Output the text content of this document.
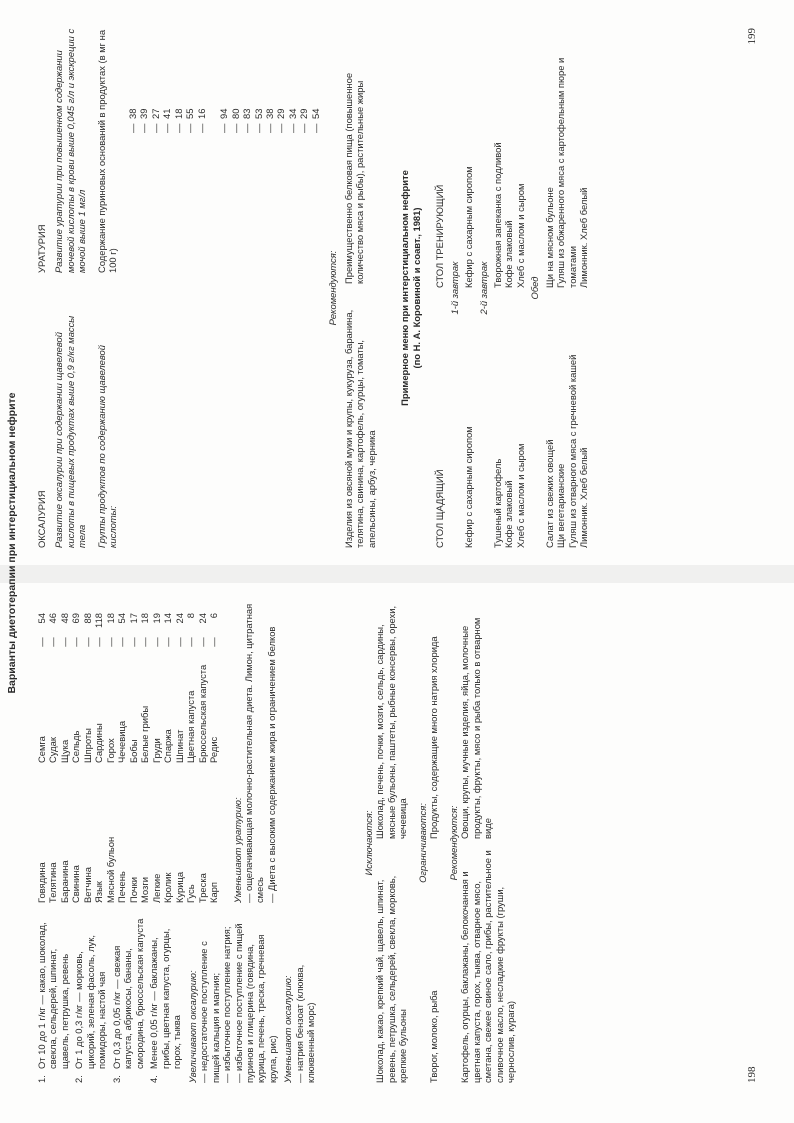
Варианты диетотерапии при интерстициальном нефрите
1.
От 10 до 1 г/кг — какао, шоколад, свекла, сельдерей, шпинат, щавель, петрушка, ревень
2.
От 1 до 0,3 г/кг — морковь, цикорий, зеленая фасоль, лук, помидоры, настой чая
3.
От 0,3 до 0,05 г/кг — свежая капуста, абрикосы, бананы, смородина, брюссельская капуста
4.
Менее 0,05 г/кг — баклажаны, грибы, цветная капуста, огурцы, горох, тыква Увеличивают оксалурию: — недостаточное поступление с пищей кальция и магния; — избыточное поступление натрия; — избыточное поступление с пищей пуринов и глицерина (говядина, курица, печень, треска, гречневая крупа, рис) Уменьшают оксалурию: — натрия бензоат (клюква, клюквенный морс)

Говядина Телятина Баранина Свинина Ветчина Язык Мясной бульон Печень Почки Мозги Легкие Кролик Курица Гусь Треска Карп
Семга
—
54
Судак
—
46
Щука
—
48
Сельдь
—
69
Шпроты
—
88
Сардины
—
118
Горох
—
18
Чечевица
—
54
Бобы
—
17
Белые грибы
—
18
Груди
—
19
Спаржа
—
14
Шпинат
—
24
Цветная капуста
—
8
Брюссельская капуста
—
24
Редис
—
6

Уменьшают уратурию: — ощелачивающая молочно-растительная диета. Лимон, цитратная смесь — Диета с высоким содержанием жира и ограничением белков	Исключаются:

Шоколад, какао, крепкий чай, щавель, шпинат, ревень, петрушка, сельдерей, свекла, морковь, крепкие бульоны
Шоколад, печень, почки, мозги, сельдь, сардины, мясные бульоны, паштеты, рыбные консервы, орехи, чечевица Ограничиваются:

Творог, молоко, рыба
Продукты, содержащие много натрия хлорида

Рекомендуются:

Картофель, огурцы, баклажаны, белокочанная и цветная капуста, горох, тыква, отварное мясо, сметана, свежее свиное сало, грибы, растительное и сливочное масло, несладкие фрукты (груши, чернослив, курага)
Овощи, крупы, мучные изделия, яйца, молочные продукты, фрукты, мясо и рыба только в отварном виде
198

ОКСАЛУРИЯ Развитие оксалурии при содержании щавелевой кислоты в пищевых продуктах выше 0,9 г/кг массы тела Группы продуктов по содержанию щавелевой кислоты:

УРАТУРИЯ Развитие уратурии при повышенном содержании мочевой кислоты в крови выше 0,045 г/л и экскреции с мочой выше 1 мг/л Содержание пуриновых оснований в продуктах (в мг на 100 г)

—
38
—
39
—
27
—
41
—
18
—
55
—
16
—
94
—
80
—
83
—
53
—
38
—
29
—
34
—
29
—
54

Рекомендуются:

Изделия из овсяной муки и крупы, кукуруза, баранина, телятина, свинина, картофель, огурцы, томаты, апельсины, арбуз, черника
Преимущественно белковая пища (повышенное количество мяса и рыбы), растительные жиры	Примерное меню при интерстициальном нефрите (по Н. А. Коровиной и соавт., 1981)

СТОЛ ЩАДЯЩИЙ
СТОЛ ТРЕНИРУЮЩИЙ 1-й завтрак
Кефир с сахарным сиропом
Кефир с сахарным сиропом 2-й завтрак
Тушеный картофель
Кофе злаковый
Хлеб с маслом и сыром
Творожная запеканка с подливой
Кофе злаковый
Хлеб с маслом и сыром
Обед
Салат из свежих овощей
Щи вегетарианские
Гуляш из отварного мяса с гречневой кашей
Лимонник. Хлеб белый
Щи на мясном бульоне
Гуляш из обжаренного мяса с картофельным пюре и томатами
Лимонник. Хлеб белый
199
